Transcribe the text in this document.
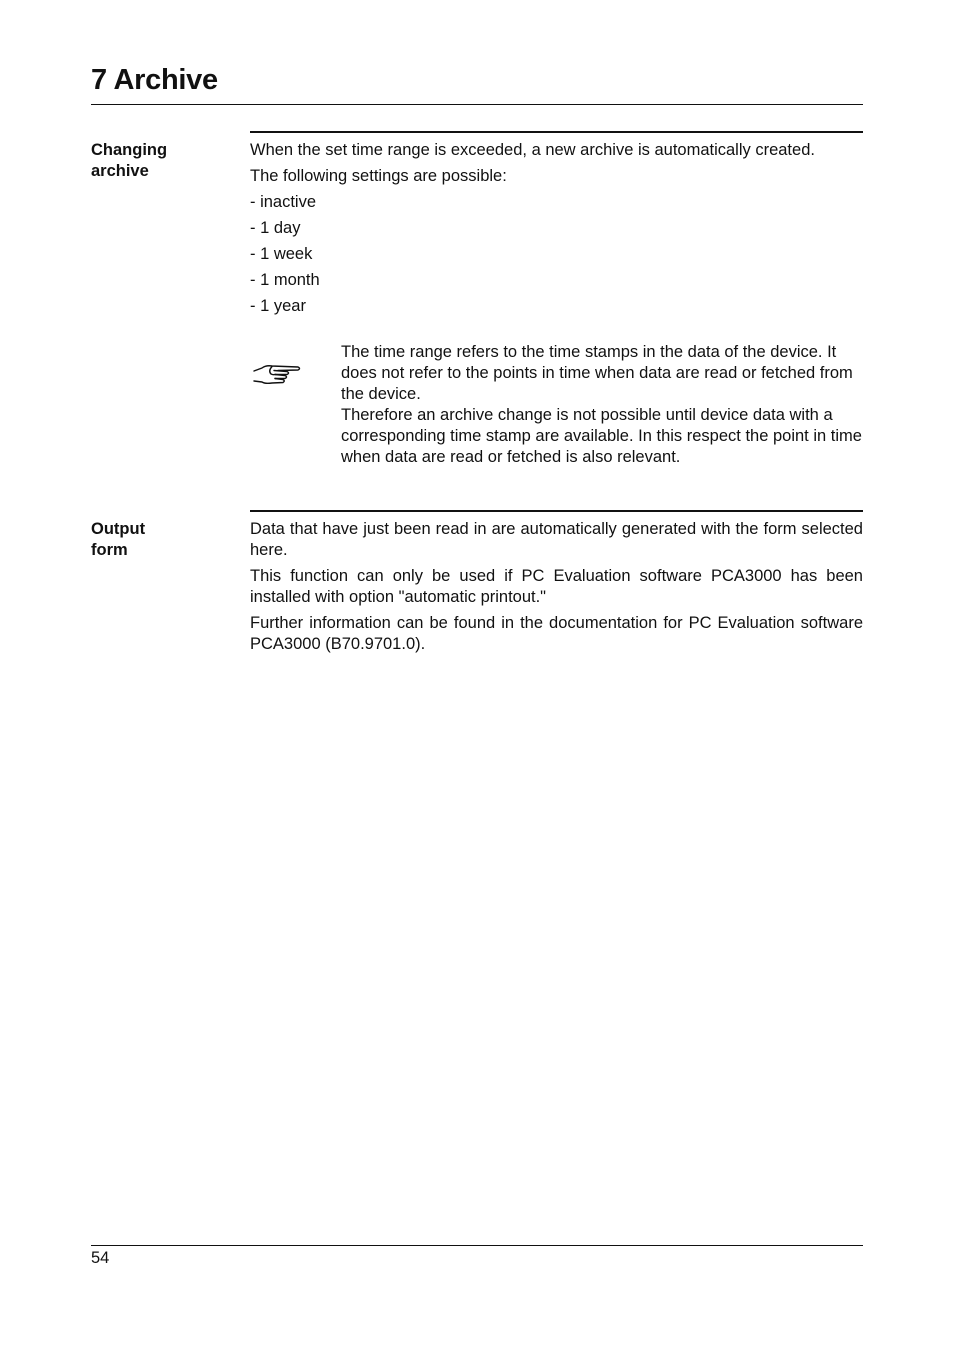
7 Archive
Changing
archive

When the set time range is exceeded, a new archive is automatically created.

The following settings are possible:

- inactive
- 1 day
- 1 week
- 1 month
- 1 year

The time range refers to the time stamps in the data of the device. It does not refer to the points in time when data are read or fetched from the device.

Therefore an archive change is not possible until device data with a corresponding time stamp are available. In this respect the point in time when data are read or fetched is also relevant.

Output
form

Data that have just been read in are automatically generated with the form selected here.

This function can only be used if PC Evaluation software PCA3000 has been installed with option "automatic printout."

Further information can be found in the documentation for PC Evaluation software PCA3000 (B70.9701.0).

54
